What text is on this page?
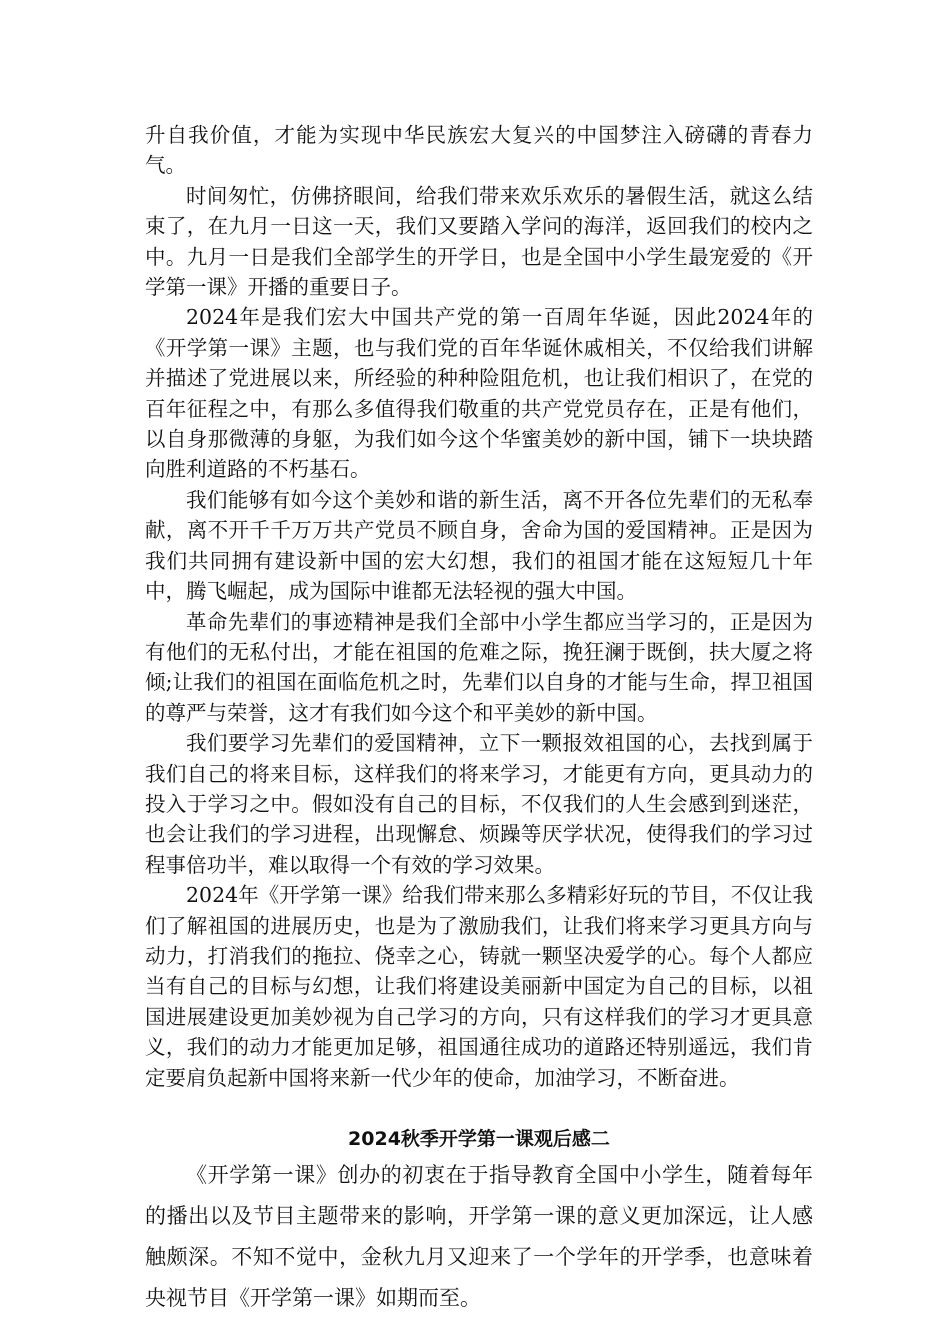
升自我价值，才能为实现中华民族宏大复兴的中国梦注入磅礴的青春力气。

时间匆忙，仿佛挤眼间，给我们带来欢乐欢乐的暑假生活，就这么结束了，在九月一日这一天，我们又要踏入学问的海洋，返回我们的校内之中。九月一日是我们全部学生的开学日，也是全国中小学生最宠爱的《开学第一课》开播的重要日子。

2024年是我们宏大中国共产党的第一百周年华诞，因此2024年的《开学第一课》主题，也与我们党的百年华诞休戚相关，不仅给我们讲解并描述了党进展以来，所经验的种种险阻危机，也让我们相识了，在党的百年征程之中，有那么多值得我们敬重的共产党党员存在，正是有他们，以自身那微薄的身躯，为我们如今这个华蜜美妙的新中国，铺下一块块踏向胜利道路的不朽基石。

我们能够有如今这个美妙和谐的新生活，离不开各位先辈们的无私奉献，离不开千千万万共产党员不顾自身，舍命为国的爱国精神。正是因为我们共同拥有建设新中国的宏大幻想，我们的祖国才能在这短短几十年中，腾飞崛起，成为国际中谁都无法轻视的强大中国。

革命先辈们的事迹精神是我们全部中小学生都应当学习的，正是因为有他们的无私付出，才能在祖国的危难之际，挽狂澜于既倒，扶大厦之将倾;让我们的祖国在面临危机之时，先辈们以自身的才能与生命，捍卫祖国的尊严与荣誉，这才有我们如今这个和平美妙的新中国。

我们要学习先辈们的爱国精神，立下一颗报效祖国的心，去找到属于我们自己的将来目标，这样我们的将来学习，才能更有方向，更具动力的投入于学习之中。假如没有自己的目标，不仅我们的人生会感到到迷茫，也会让我们的学习进程，出现懈怠、烦躁等厌学状况，使得我们的学习过程事倍功半，难以取得一个有效的学习效果。

2024年《开学第一课》给我们带来那么多精彩好玩的节目，不仅让我们了解祖国的进展历史，也是为了激励我们，让我们将来学习更具方向与动力，打消我们的拖拉、侥幸之心，铸就一颗坚决爱学的心。每个人都应当有自己的目标与幻想，让我们将建设美丽新中国定为自己的目标，以祖国进展建设更加美妙视为自己学习的方向，只有这样我们的学习才更具意义，我们的动力才能更加足够，祖国通往成功的道路还特别遥远，我们肯定要肩负起新中国将来新一代少年的使命，加油学习，不断奋进。

2024秋季开学第一课观后感二

《开学第一课》创办的初衷在于指导教育全国中小学生，随着每年的播出以及节目主题带来的影响，开学第一课的意义更加深远，让人感触颇深。不知不觉中，金秋九月又迎来了一个学年的开学季，也意味着央视节目《开学第一课》如期而至。
